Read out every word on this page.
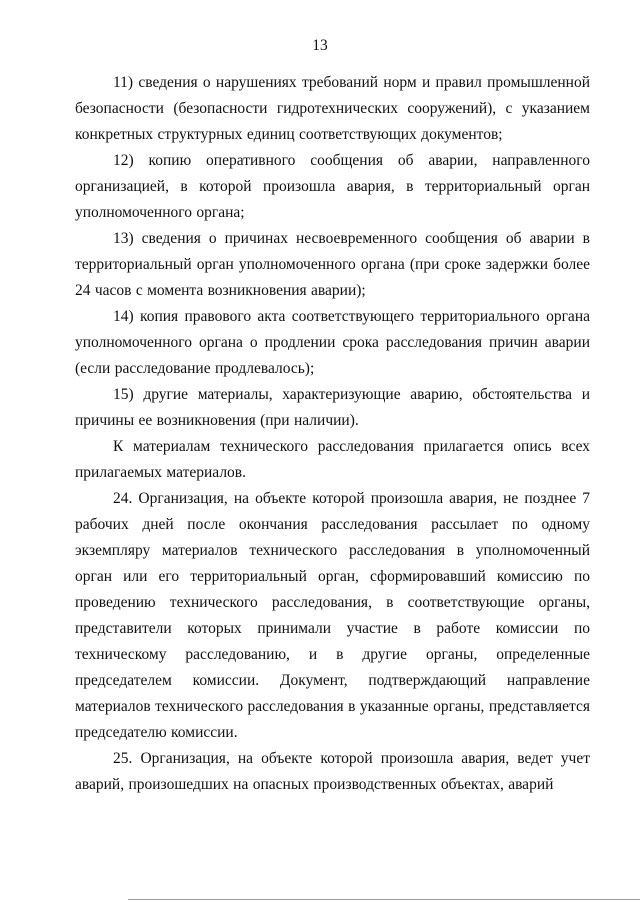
13

11) сведения о нарушениях требований норм и правил промышленной безопасности (безопасности гидротехнических сооружений), с указанием конкретных структурных единиц соответствующих документов;

12) копию оперативного сообщения об аварии, направленного организацией, в которой произошла авария, в территориальный орган уполномоченного органа;

13) сведения о причинах несвоевременного сообщения об аварии в территориальный орган уполномоченного органа (при сроке задержки более 24 часов с момента возникновения аварии);

14) копия правового акта соответствующего территориального органа уполномоченного органа о продлении срока расследования причин аварии (если расследование продлевалось);

15) другие материалы, характеризующие аварию, обстоятельства и причины ее возникновения (при наличии).

К материалам технического расследования прилагается опись всех прилагаемых материалов.

24. Организация, на объекте которой произошла авария, не позднее 7 рабочих дней после окончания расследования рассылает по одному экземпляру материалов технического расследования в уполномоченный орган или его территориальный орган, сформировавший комиссию по проведению технического расследования, в соответствующие органы, представители которых принимали участие в работе комиссии по техническому расследованию, и в другие органы, определенные председателем комиссии. Документ, подтверждающий направление материалов технического расследования в указанные органы, представляется председателю комиссии.

25. Организация, на объекте которой произошла авария, ведет учет аварий, произошедших на опасных производственных объектах, аварий
